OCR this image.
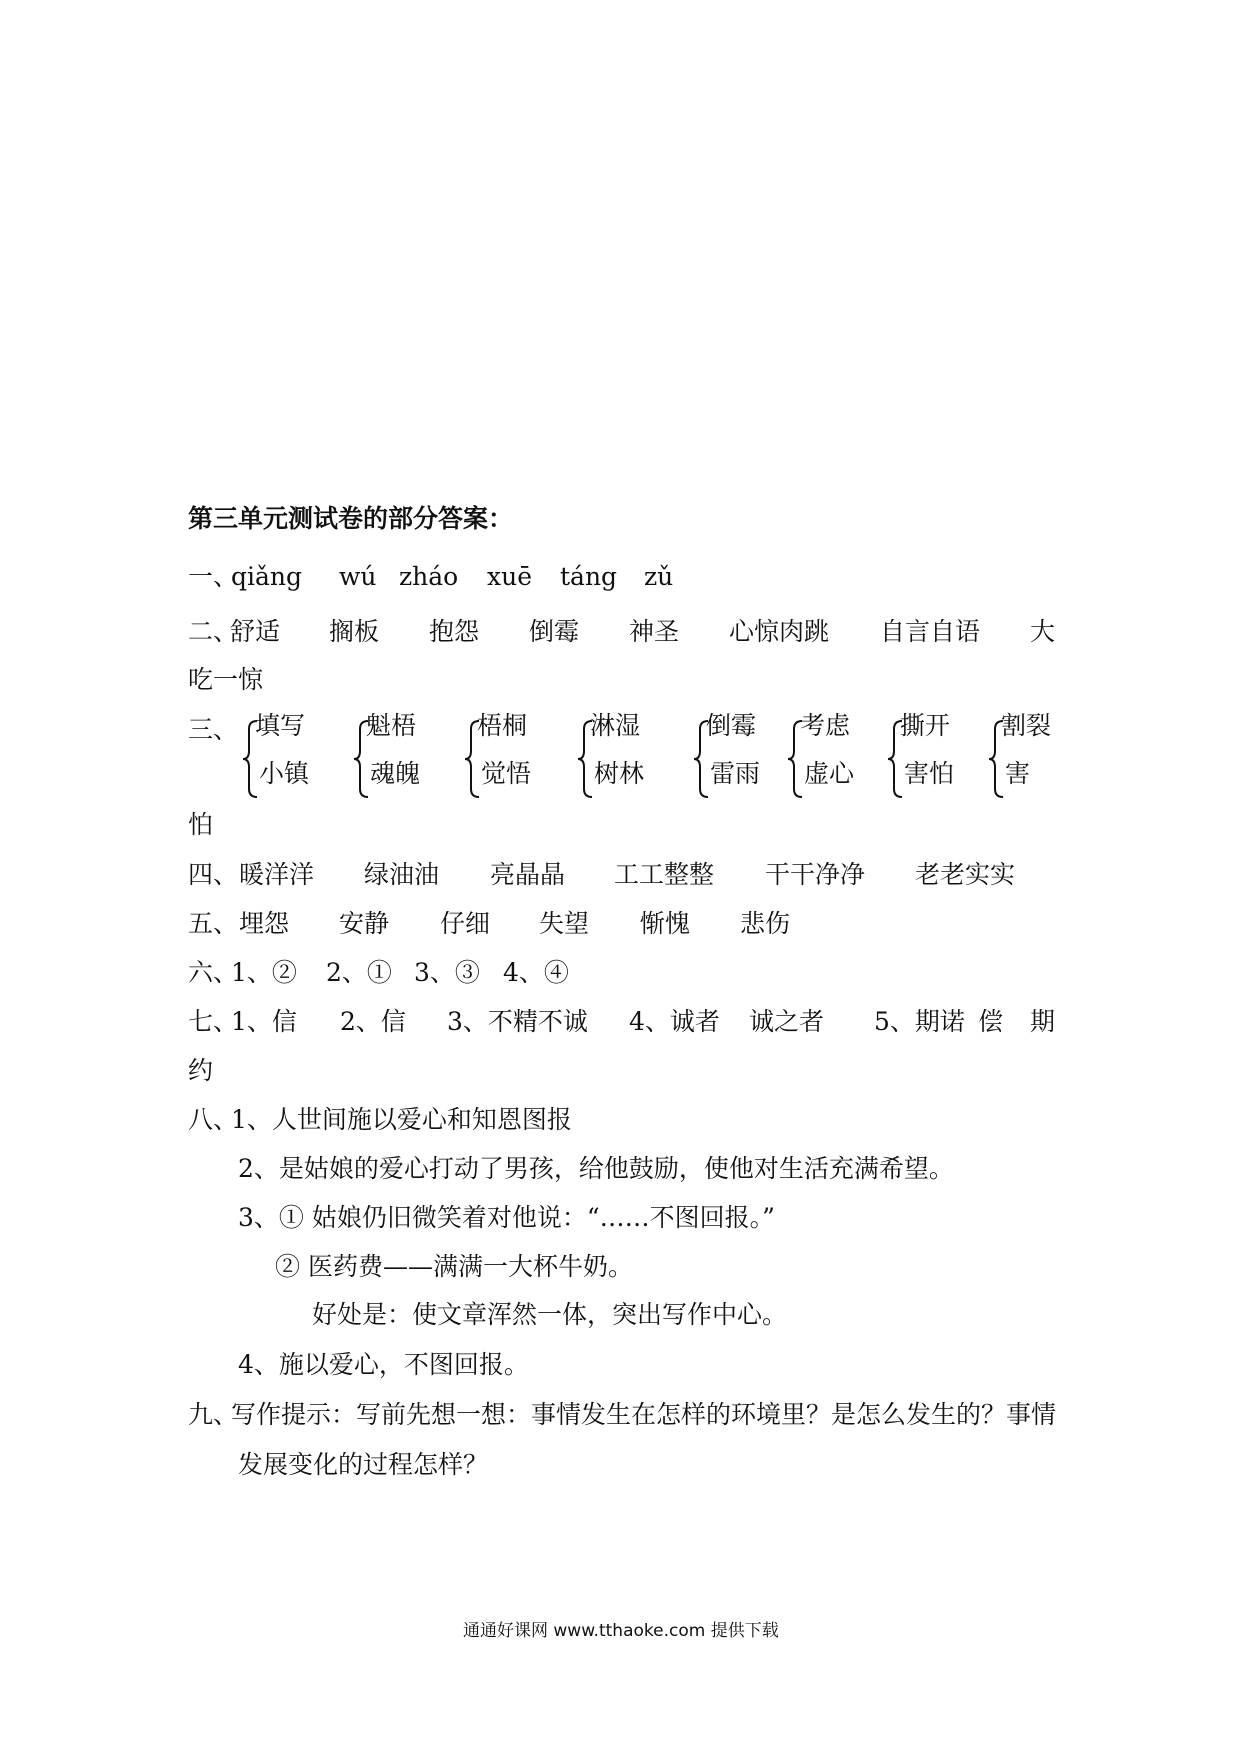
第三单元测试卷的部分答案：
一、
qiǎng wú zháo xuē táng zǔ
二、
舒适 搁板 抱怨 倒霉 神圣 心惊肉跳 自言自语 大
吃一惊
三、 填写 魁梧 梧桐	淋湿	倒霉 考虑 撕开 割裂
小镇 魂魄 觉悟	树林	雷雨 虚心 害怕 害
怕
四、 暖洋洋 绿油油 亮晶晶 工工整整 干干净净 老老实实
五、 埋怨 安静 仔细 失望 惭愧 悲伤
六、
1、② 2、① 3、③ 4、④
七、
1、信 2、信 3、不精不诚 4、诚者 诚之者 5、期诺 偿 期
约
八、
1、人世间施以爱心和知恩图报
2、是姑娘的爱心打动了男孩，给他鼓励，使他对生活充满希望。
3、① 姑娘仍旧微笑着对他说：“……不图回报。”
② 医药费——满满一大杯牛奶。
好处是：使文章浑然一体，突出写作中心。
4、施以爱心，不图回报。
九、
写作提示：写前先想一想：事情发生在怎样的环境里？是怎么发生的？事情
发展变化的过程怎样？
通通好课网 www.tthaoke.com 提供下载
